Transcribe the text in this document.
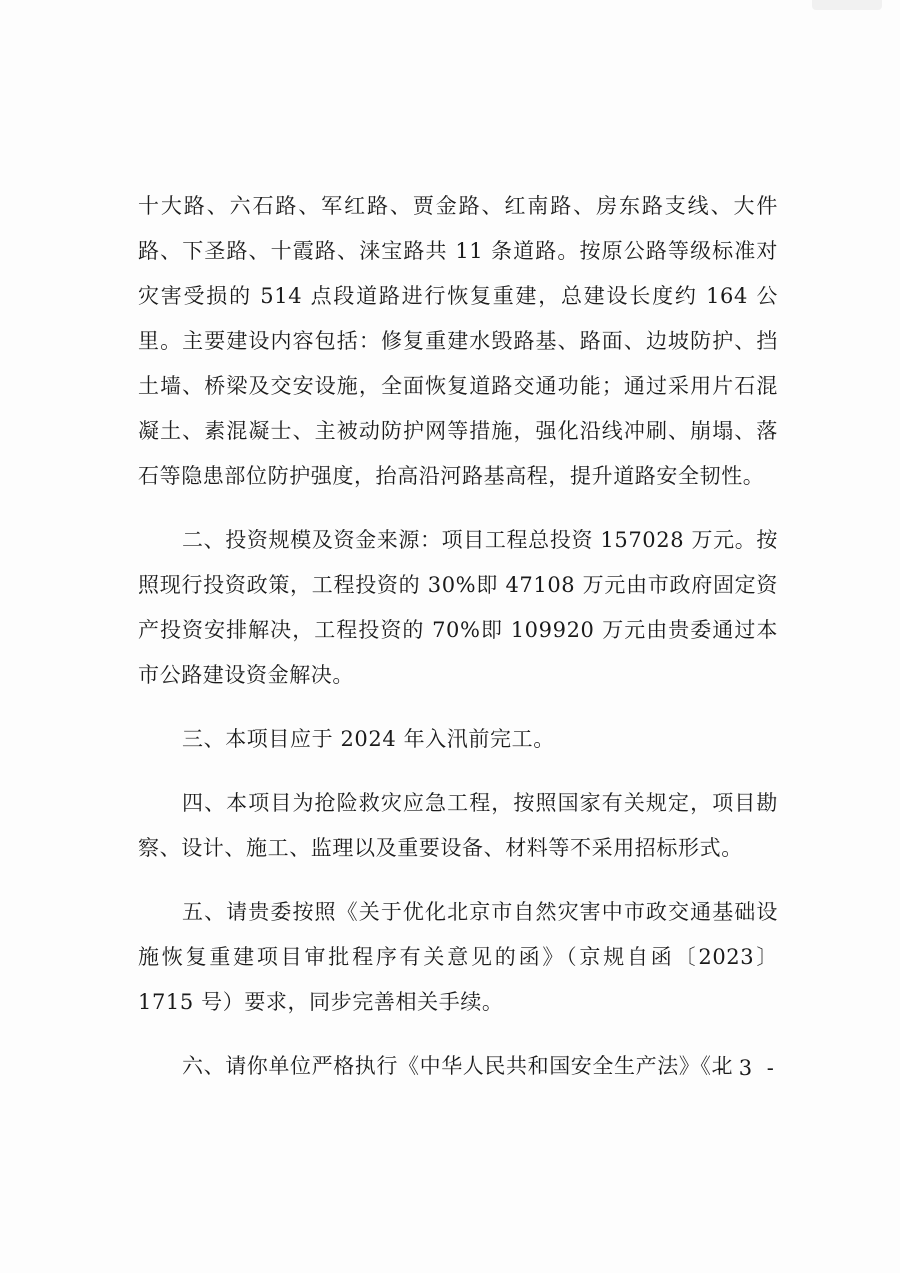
十大路、六石路、军红路、贾金路、红南路、房东路支线、大件路、下圣路、十霞路、涞宝路共 11 条道路。按原公路等级标准对灾害受损的 514 点段道路进行恢复重建，总建设长度约 164 公里。主要建设内容包括：修复重建水毁路基、路面、边坡防护、挡土墙、桥梁及交安设施，全面恢复道路交通功能；通过采用片石混凝土、素混凝士、主被动防护网等措施，强化沿线冲刷、崩塌、落石等隐患部位防护强度，抬高沿河路基高程，提升道路安全韧性。

二、投资规模及资金来源：项目工程总投资 157028 万元。按照现行投资政策，工程投资的 30%即 47108 万元由市政府固定资产投资安排解决，工程投资的 70%即 109920 万元由贵委通过本市公路建设资金解决。

三、本项目应于 2024 年入汛前完工。

四、本项目为抢险救灾应急工程，按照国家有关规定，项目勘察、设计、施工、监理以及重要设备、材料等不采用招标形式。

五、请贵委按照《关于优化北京市自然灾害中市政交通基础设施恢复重建项目审批程序有关意见的函》（京规自函〔2023〕1715 号）要求，同步完善相关手续。

六、请你单位严格执行《中华人民共和国安全生产法》《北

- 3 -
